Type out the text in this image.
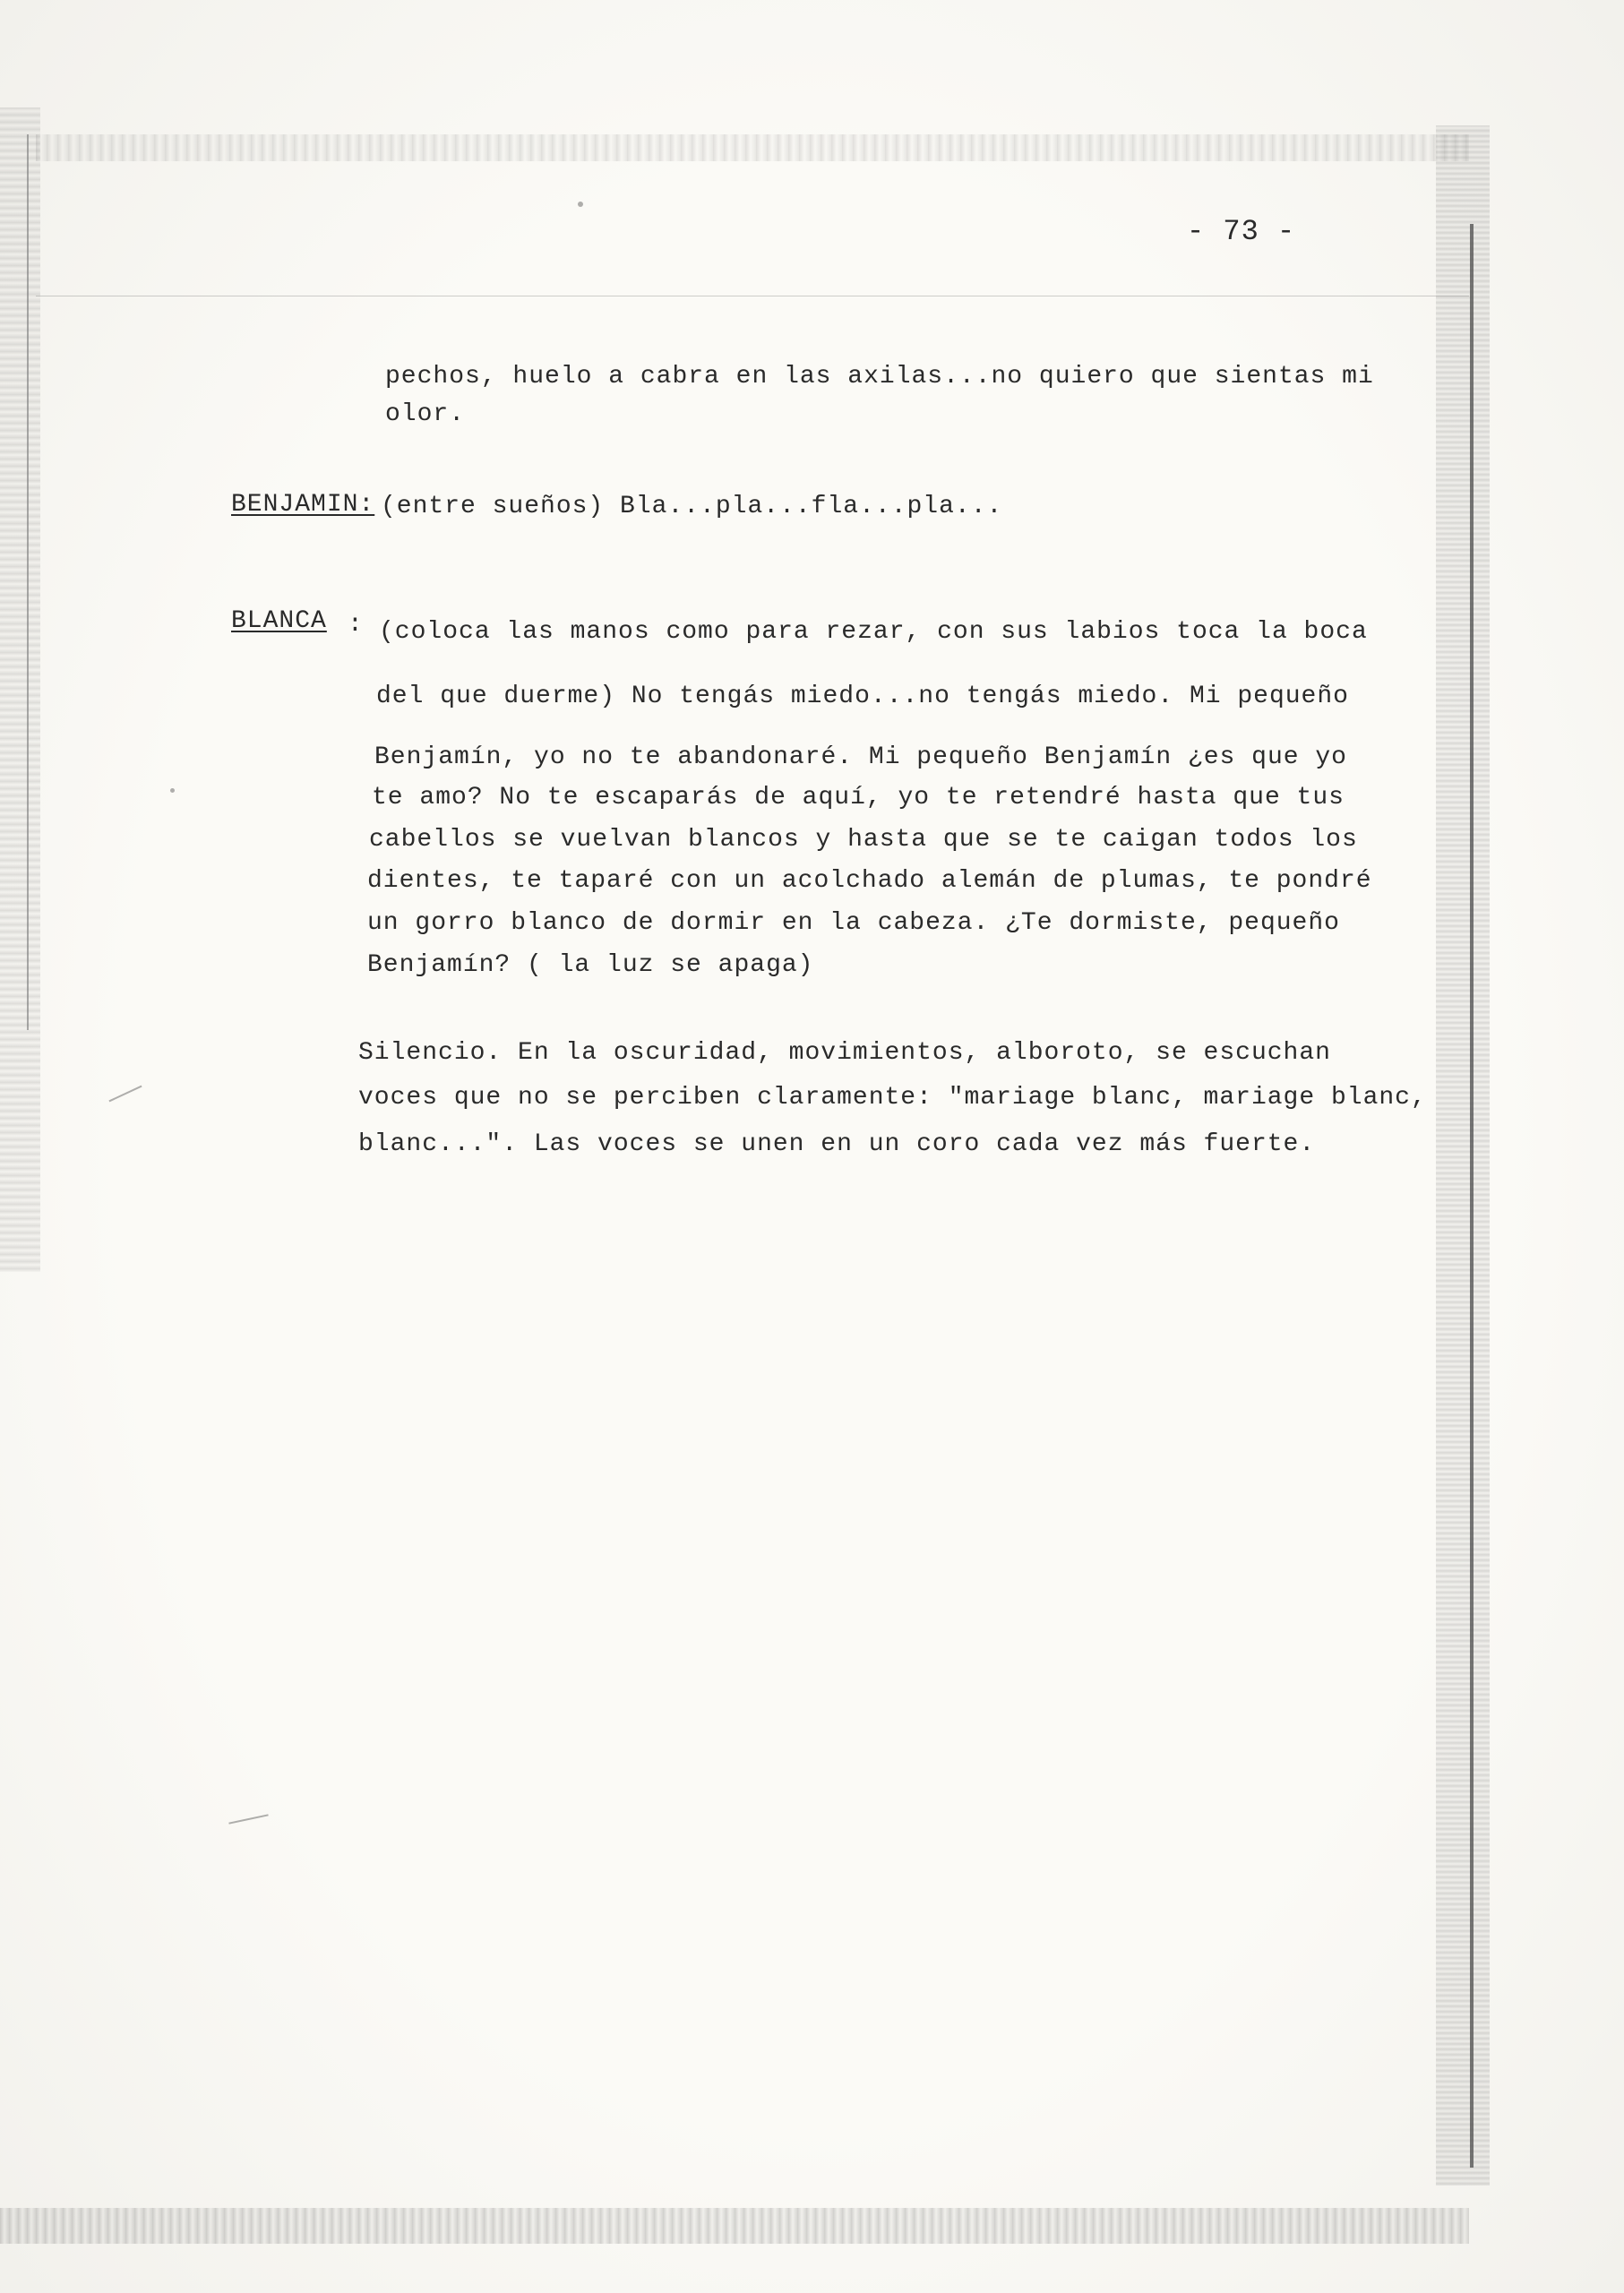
- 73 -
pechos, huelo a cabra en las axilas...no quiero que sientas mi
olor.
BENJAMIN: (entre sueños) Bla...pla...fla...pla...
BLANCA : (coloca las manos como para rezar, con sus labios toca la boca
del que duerme) No tengás miedo...no tengás miedo. Mi pequeño
Benjamín, yo no te abandonaré. Mi pequeño Benjamín ¿es que yo
te amo? No te escaparás de aquí, yo te retendré hasta que tus
cabellos se vuelvan blancos y hasta que se te caigan todos los
dientes, te taparé con un acolchado alemán de plumas, te pondré
un gorro blanco de dormir en la cabeza. ¿Te dormiste, pequeño
Benjamín? ( la luz se apaga)
Silencio. En la oscuridad, movimientos, alboroto, se escuchan
voces que no se perciben claramente: "mariage blanc, mariage blanc,
blanc...". Las voces se unen en un coro cada vez más fuerte.
